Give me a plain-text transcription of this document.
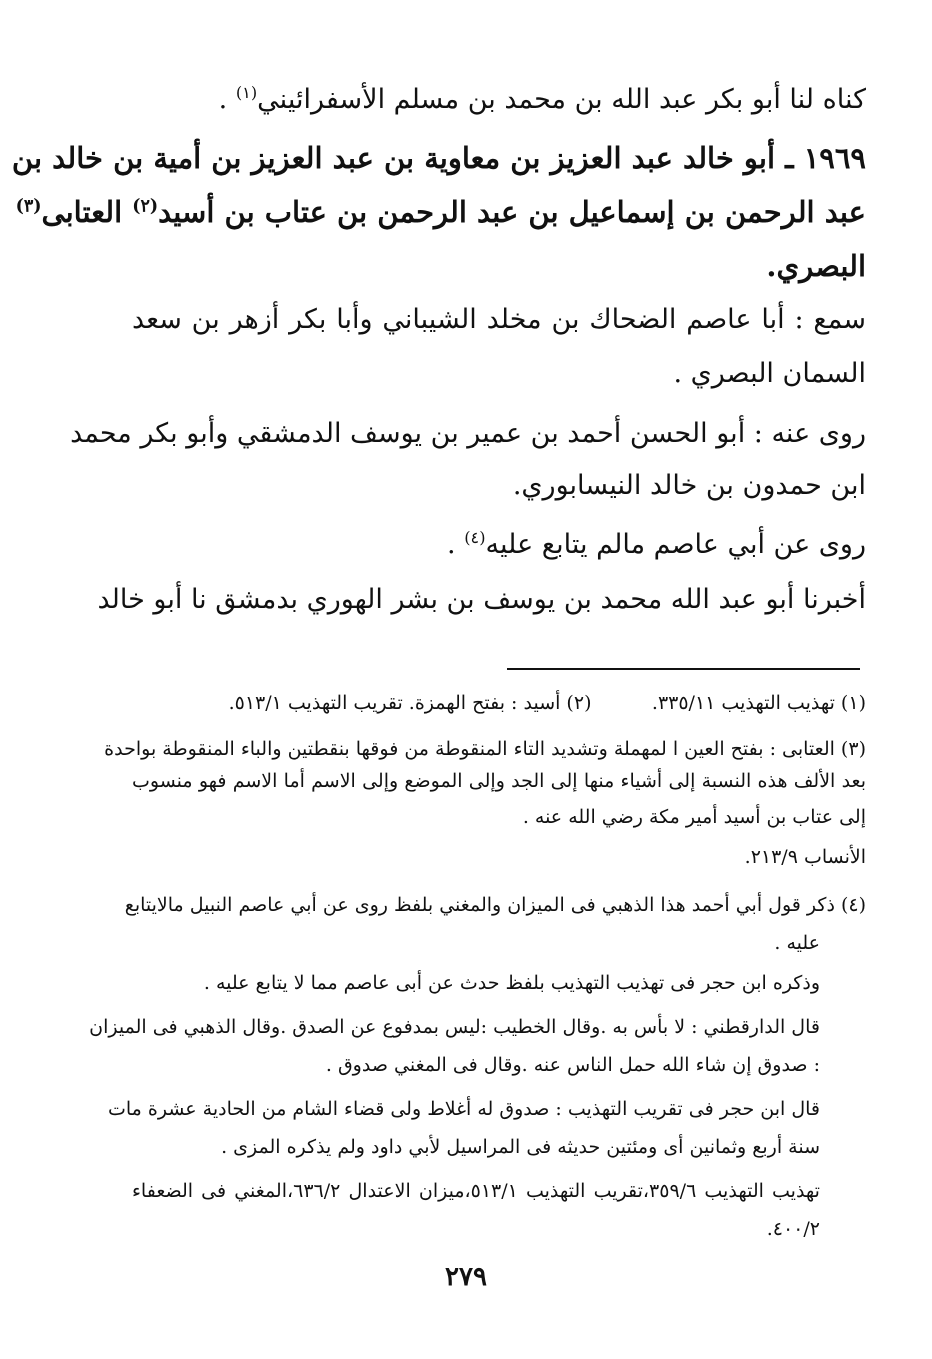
كناه لنا أبو بكر عبد الله بن محمد بن مسلم الأسفرائيني$^{(١)}$ .
١٩٦٩ ـ أبو خالد عبد العزيز بن معاوية بن عبد العزيز بن أمية بن خالد بن
عبد الرحمن بن إسماعيل بن عبد الرحمن بن عتاب بن أسيد$^{(٢)}$ العتابى$^{(٣)}$
البصري.
سمع : أبا عاصم الضحاك بن مخلد الشيباني وأبا بكر أزهر بن سعد
السمان البصري .
روى عنه : أبو الحسن أحمد بن عمير بن يوسف الدمشقي وأبو بكر محمد
ابن حمدون بن خالد النيسابوري.
روى عن أبي عاصم مالم يتابع عليه$^{(٤)}$ .
أخبرنا أبو عبد الله محمد بن يوسف بن بشر الهوري بدمشق نا أبو خالد
(١) تهذيب التهذيب ٣٣٥/١١.          (٢) أسيد : بفتح الهمزة. تقريب التهذيب ٥١٣/١.
(٣) العتابى : بفتح العين ا لمهملة وتشديد التاء المنقوطة من فوقها بنقطتين والباء المنقوطة بواحدة
بعد الألف هذه النسبة إلى أشياء منها إلى الجد وإلى الموضع وإلى الاسم أما الاسم فهو منسوب
إلى عتاب بن أسيد أمير مكة رضي الله عنه .
الأنساب ٢١٣/٩.
(٤) ذكر قول أبي أحمد هذا الذهبي فى الميزان والمغني بلفظ روى عن أبي عاصم النبيل مالايتابع
عليه .
وذكره ابن حجر فى تهذيب التهذيب بلفظ حدث عن أبى عاصم مما لا يتابع عليه .
قال الدارقطني : لا بأس به .وقال الخطيب :ليس بمدفوع عن الصدق .وقال الذهبي فى الميزان
: صدوق إن شاء الله حمل الناس عنه .وقال فى المغني صدوق .
قال ابن حجر فى تقريب التهذيب : صدوق له أغلاط ولى قضاء الشام من الحادية عشرة مات
سنة أربع وثمانين أى ومئتين حديثه فى المراسيل لأبي داود ولم يذكره المزى .
تهذيب التهذيب ٣٥٩/٦،تقريب التهذيب ٥١٣/١،ميزان الاعتدال ٦٣٦/٢،المغني فى الضعفاء
٤٠٠/٢.
٢٧٩
